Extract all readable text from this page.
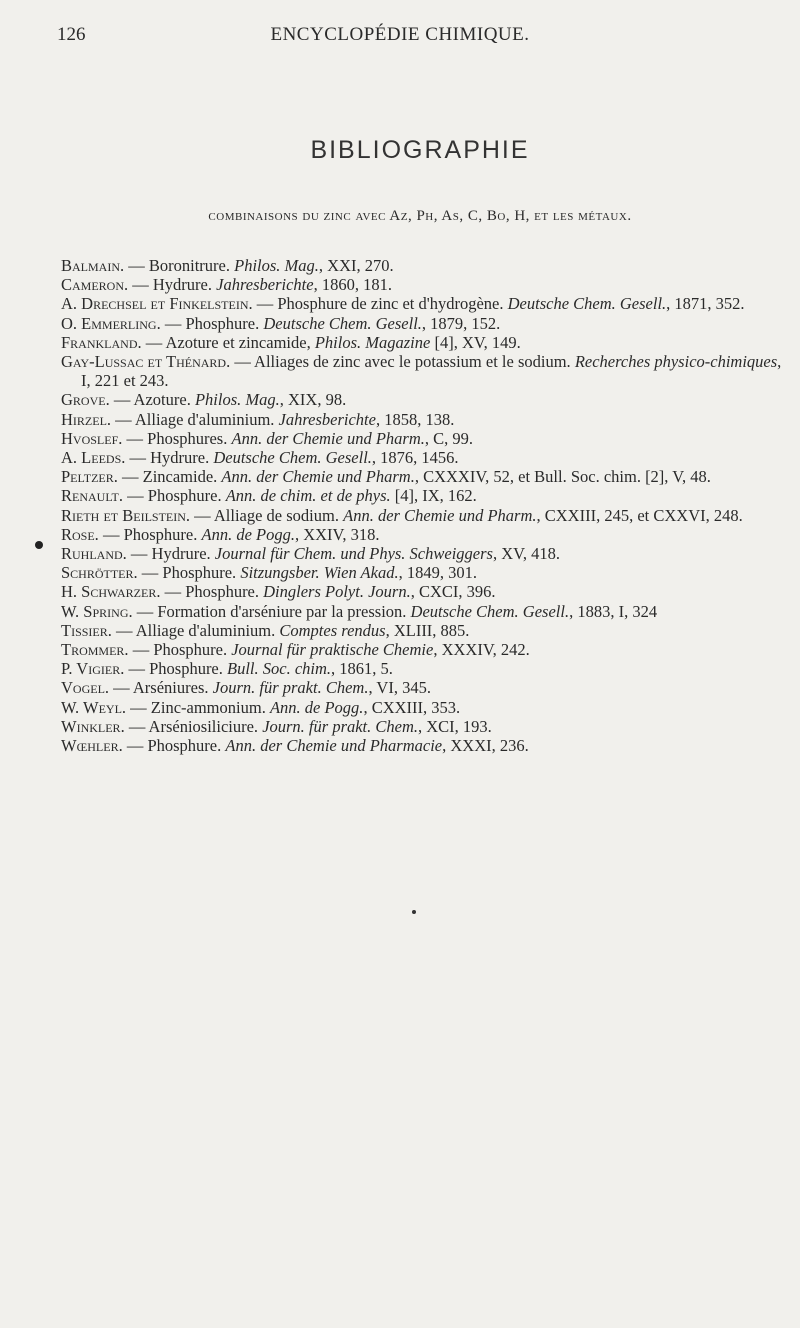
126	ENCYCLOPÉDIE CHIMIQUE.
BIBLIOGRAPHIE
combinaisons du zinc avec Az, Ph, As, C, Bo, H, et les métaux.

Balmain. — Boronitrure. Philos. Mag., XXI, 270.

Cameron. — Hydrure. Jahresberichte, 1860, 181.

A. Drechsel et Finkelstein. — Phosphure de zinc et d'hydrogène. Deutsche Chem. Gesell., 1871, 352.

O. Emmerling. — Phosphure. Deutsche Chem. Gesell., 1879, 152.

Frankland. — Azoture et zincamide, Philos. Magazine [4], XV, 149.

Gay-Lussac et Thénard. — Alliages de zinc avec le potassium et le sodium. Recherches physico-chimiques, I, 221 et 243.

Grove. — Azoture. Philos. Mag., XIX, 98.

Hirzel. — Alliage d'aluminium. Jahresberichte, 1858, 138.

Hvoslef. — Phosphures. Ann. der Chemie und Pharm., C, 99.

A. Leeds. — Hydrure. Deutsche Chem. Gesell., 1876, 1456.

Peltzer. — Zincamide. Ann. der Chemie und Pharm., CXXXIV, 52, et Bull. Soc. chim. [2], V, 48.

Renault. — Phosphure. Ann. de chim. et de phys. [4], IX, 162.

Rieth et Beilstein. — Alliage de sodium. Ann. der Chemie und Pharm., CXXIII, 245, et CXXVI, 248.

Rose. — Phosphure. Ann. de Pogg., XXIV, 318.

Ruhland. — Hydrure. Journal für Chem. und Phys. Schweiggers, XV, 418.

Schrötter. — Phosphure. Sitzungsber. Wien Akad., 1849, 301.

H. Schwarzer. — Phosphure. Dinglers Polyt. Journ., CXCI, 396.

W. Spring. — Formation d'arséniure par la pression. Deutsche Chem. Gesell., 1883, I, 324

Tissier. — Alliage d'aluminium. Comptes rendus, XLIII, 885.

Trommer. — Phosphure. Journal für praktische Chemie, XXXIV, 242.

P. Vigier. — Phosphure. Bull. Soc. chim., 1861, 5.

Vogel. — Arséniures. Journ. für prakt. Chem., VI, 345.

W. Weyl. — Zinc-ammonium. Ann. de Pogg., CXXIII, 353.

Winkler. — Arséniosiliciure. Journ. für prakt. Chem., XCI, 193.

Wœhler. — Phosphure. Ann. der Chemie und Pharmacie, XXXI, 236.
